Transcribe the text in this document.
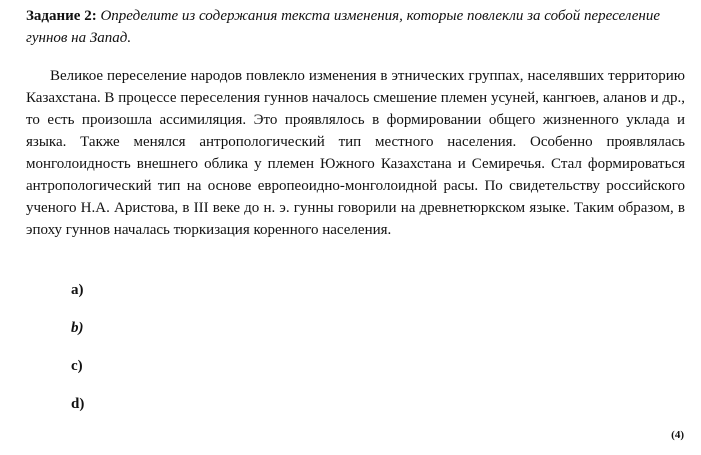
Задание 2: Определите из содержания текста изменения, которые повлекли за собой переселение гуннов на Запад.

Великое переселение народов повлекло изменения в этнических группах, населявших территорию Казахстана. В процессе переселения гуннов началось смешение племен усуней, кангюев, аланов и др., то есть произошла ассимиляция. Это проявлялось в формировании общего жизненного уклада и языка. Также менялся антропологический тип местного населения. Особенно проявлялась монголоидность внешнего облика у племен Южного Казахстана и Семиречья. Стал формироваться антропологический тип на основе европеоидно-монголоидной расы. По свидетельству российского ученого Н.А. Аристова, в III веке до н. э. гунны говорили на древнетюркском языке. Таким образом, в эпоху гуннов началась тюркизация коренного населения.

a)
b)
c)
d)
(4)
